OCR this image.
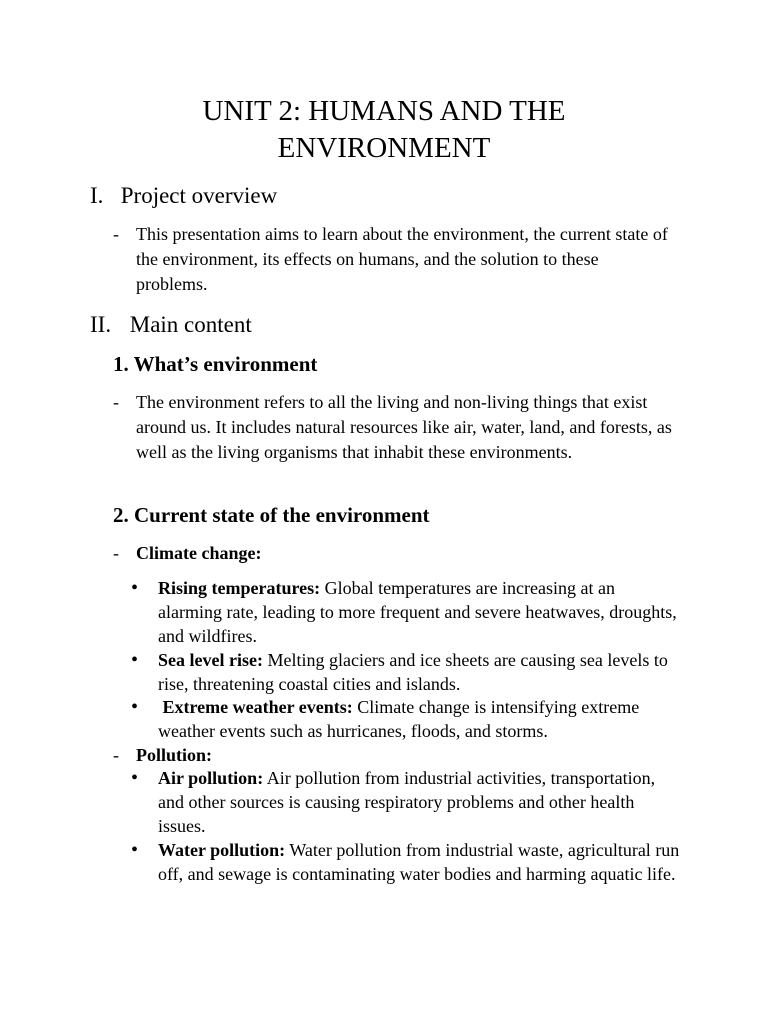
UNIT 2: HUMANS AND THE
ENVIRONMENT
I. Project overview
- This presentation aims to learn about the environment, the current state of the environment, its effects on humans, and the solution to these problems.
II. Main content
1. What’s environment
- The environment refers to all the living and non-living things that exist around us. It includes natural resources like air, water, land, and forests, as well as the living organisms that inhabit these environments.
2. Current state of the environment
- Climate change:
• Rising temperatures: Global temperatures are increasing at an alarming rate, leading to more frequent and severe heatwaves, droughts, and wildfires.
• Sea level rise: Melting glaciers and ice sheets are causing sea levels to rise, threatening coastal cities and islands.
• Extreme weather events: Climate change is intensifying extreme weather events such as hurricanes, floods, and storms.
- Pollution:
• Air pollution: Air pollution from industrial activities, transportation, and other sources is causing respiratory problems and other health issues.
• Water pollution: Water pollution from industrial waste, agricultural run off, and sewage is contaminating water bodies and harming aquatic life.
